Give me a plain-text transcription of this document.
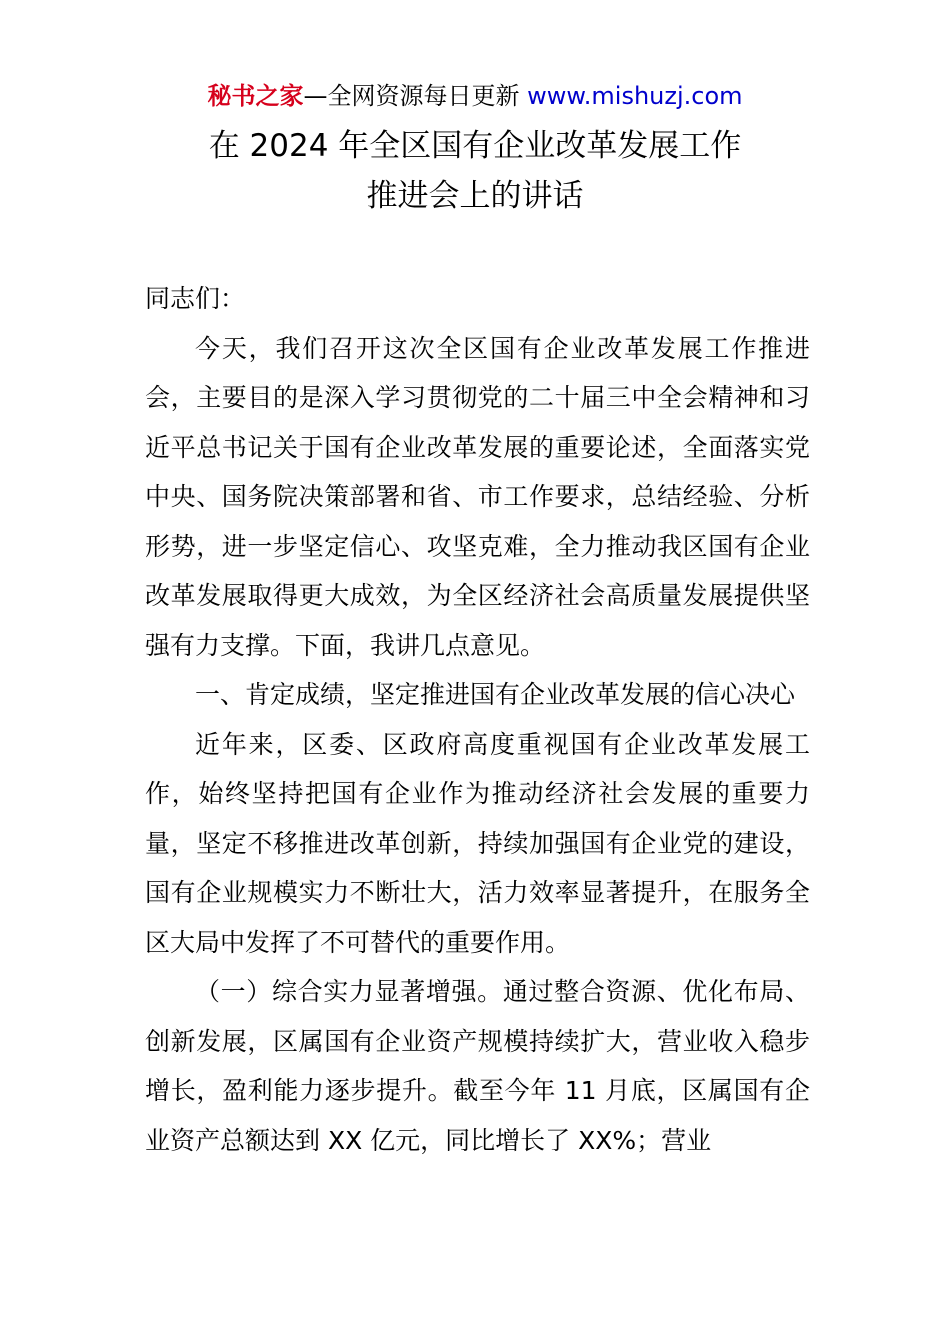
秘书之家—全网资源每日更新 www.mishuzj.com
在 2024 年全区国有企业改革发展工作
推进会上的讲话

同志们：

今天，我们召开这次全区国有企业改革发展工作推进会，主要目的是深入学习贯彻党的二十届三中全会精神和习近平总书记关于国有企业改革发展的重要论述，全面落实党中央、国务院决策部署和省、市工作要求，总结经验、分析形势，进一步坚定信心、攻坚克难，全力推动我区国有企业改革发展取得更大成效，为全区经济社会高质量发展提供坚强有力支撑。下面，我讲几点意见。

一、肯定成绩，坚定推进国有企业改革发展的信心决心

近年来，区委、区政府高度重视国有企业改革发展工作，始终坚持把国有企业作为推动经济社会发展的重要力量，坚定不移推进改革创新，持续加强国有企业党的建设，国有企业规模实力不断壮大，活力效率显著提升，在服务全区大局中发挥了不可替代的重要作用。

（一）综合实力显著增强。通过整合资源、优化布局、创新发展，区属国有企业资产规模持续扩大，营业收入稳步增长，盈利能力逐步提升。截至今年 11 月底，区属国有企业资产总额达到 XX 亿元，同比增长了 XX%；营业
